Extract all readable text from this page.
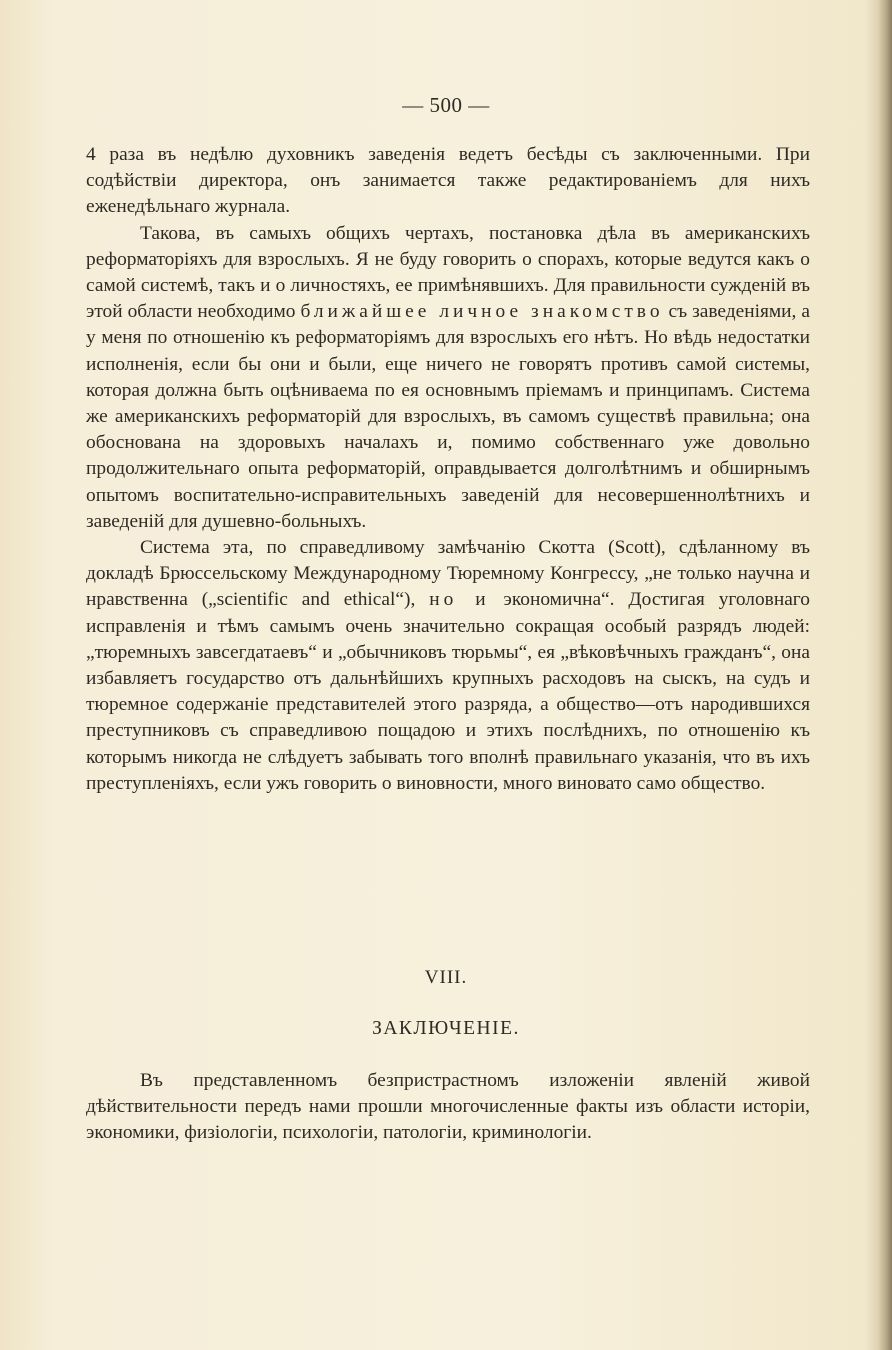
— 500 —

4 раза въ недѣлю духовникъ заведенія ведетъ бесѣды съ заключенными. При содѣйствіи директора, онъ занимается также редактированіемъ для нихъ еженедѣльнаго журнала.

Такова, въ самыхъ общихъ чертахъ, постановка дѣла въ американскихъ реформаторіяхъ для взрослыхъ. Я не буду говорить о спорахъ, которые ведутся какъ о самой системѣ, такъ и о личностяхъ, ее примѣнявшихъ. Для правильности сужденій въ этой области необходимо ближайшее личное знакомство съ заведеніями, а у меня по отношенію къ реформаторіямъ для взрослыхъ его нѣтъ. Но вѣдь недостатки исполненія, если бы они и были, еще ничего не говорятъ противъ самой системы, которая должна быть оцѣниваема по ея основнымъ пріемамъ и принципамъ. Система же американскихъ реформаторій для взрослыхъ, въ самомъ существѣ правильна; она обоснована на здоровыхъ началахъ и, помимо собственнаго уже довольно продолжительнаго опыта реформаторій, оправдывается долголѣтнимъ и обширнымъ опытомъ воспитательно-исправительныхъ заведеній для несовершеннолѣтнихъ и заведеній для душевно-больныхъ.

Система эта, по справедливому замѣчанію Скотта (Scott), сдѣланному въ докладѣ Брюссельскому Международному Тюремному Конгрессу, „не только научна и нравственна („scientific and ethical“), но и экономична“. Достигая уголовнаго исправленія и тѣмъ самымъ очень значительно сокращая особый разрядъ людей: „тюремныхъ завсегдатаевъ“ и „обычниковъ тюрьмы“, ея „вѣковѣчныхъ гражданъ“, она избавляетъ государство отъ дальнѣйшихъ крупныхъ расходовъ на сыскъ, на судъ и тюремное содержаніе представителей этого разряда, а общество—отъ народившихся преступниковъ съ справедливою пощадою и этихъ послѣднихъ, по отношенію къ которымъ никогда не слѣдуетъ забывать того вполнѣ правильнаго указанія, что въ ихъ преступленіяхъ, если ужъ говорить о виновности, много виновато само общество.

VIII.
ЗАКЛЮЧЕНІЕ.

Въ представленномъ безпристрастномъ изложеніи явленій живой дѣйствительности передъ нами прошли многочисленные факты изъ области исторіи, экономики, физіологіи, психологіи, патологіи, криминологіи.
